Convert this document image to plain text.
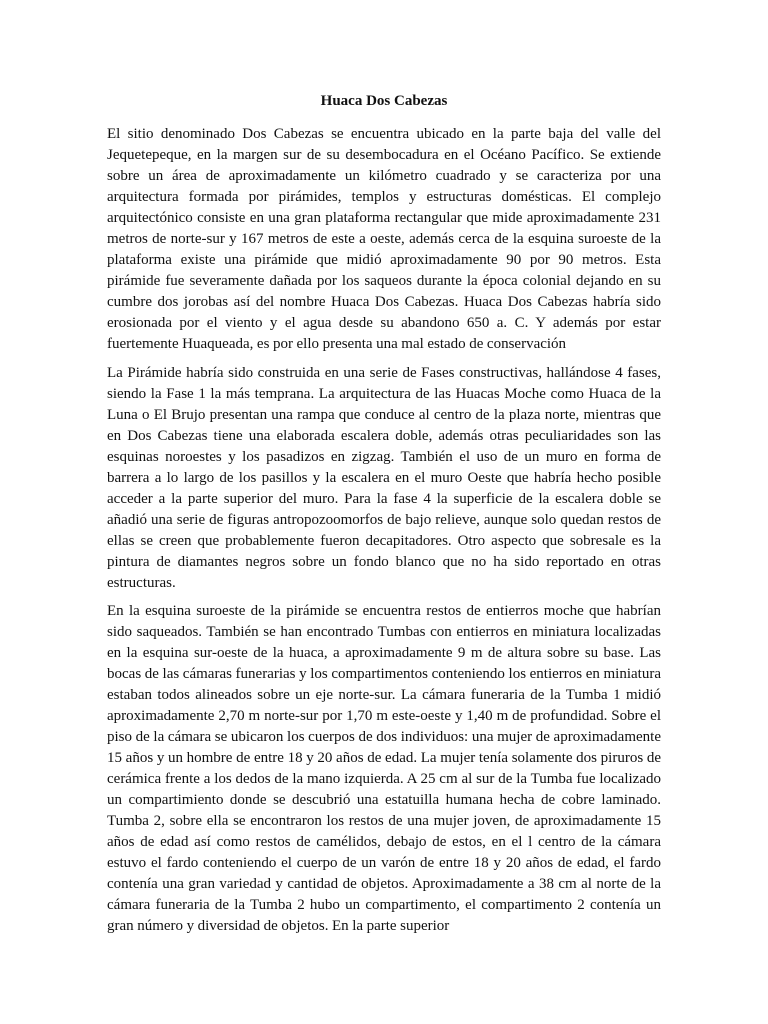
Huaca Dos Cabezas

El sitio denominado Dos Cabezas se encuentra ubicado en la parte baja del valle del Jequetepeque, en la margen sur de su desembocadura en el Océano Pacífico. Se extiende sobre un área de aproximadamente un kilómetro cuadrado y se caracteriza por una arquitectura formada por pirámides, templos y estructuras domésticas. El complejo arquitectónico consiste en una gran plataforma rectangular que mide aproximadamente 231 metros de norte-sur y 167 metros de este a oeste, además cerca de la esquina suroeste de la plataforma existe una pirámide que midió aproximadamente 90 por 90 metros. Esta pirámide fue severamente dañada por los saqueos durante la época colonial dejando en su cumbre dos jorobas así del nombre Huaca Dos Cabezas. Huaca Dos Cabezas habría sido erosionada por el viento y el agua desde su abandono 650 a. C. Y además por estar fuertemente Huaqueada, es por ello presenta una mal estado de conservación

La Pirámide habría sido construida en una serie de Fases constructivas, hallándose 4 fases, siendo la Fase 1 la más temprana. La arquitectura de las Huacas Moche como Huaca de la Luna o El Brujo presentan una rampa que conduce al centro de la plaza norte, mientras que en Dos Cabezas tiene una elaborada escalera doble, además otras peculiaridades son las esquinas noroestes y los pasadizos en zigzag. También el uso de un muro en forma de barrera a lo largo de los pasillos y la escalera en el muro Oeste que habría hecho posible acceder a la parte superior del muro. Para la fase 4 la superficie de la escalera doble se añadió una serie de figuras antropozoomorfos de bajo relieve, aunque solo quedan restos de ellas se creen que probablemente fueron decapitadores. Otro aspecto que sobresale es la pintura de diamantes negros sobre un fondo blanco que no ha sido reportado en otras estructuras.

En la esquina suroeste de la pirámide se encuentra restos de entierros moche que habrían sido saqueados. También se han encontrado Tumbas con entierros en miniatura localizadas en la esquina sur-oeste de la huaca, a aproximadamente 9 m de altura sobre su base. Las bocas de las cámaras funerarias y los compartimentos conteniendo los entierros en miniatura estaban todos alineados sobre un eje norte-sur. La cámara funeraria de la Tumba 1 midió aproximadamente 2,70 m norte-sur por 1,70 m este-oeste y 1,40 m de profundidad. Sobre el piso de la cámara se ubicaron los cuerpos de dos individuos: una mujer de aproximadamente 15 años y un hombre de entre 18 y 20 años de edad. La mujer tenía solamente dos piruros de cerámica frente a los dedos de la mano izquierda. A 25 cm al sur de la Tumba fue localizado un compartimiento donde se descubrió una estatuilla humana hecha de cobre laminado. Tumba 2, sobre ella se encontraron los restos de una mujer joven, de aproximadamente 15 años de edad así como restos de camélidos, debajo de estos, en el l centro de la cámara estuvo el fardo conteniendo el cuerpo de un varón de entre 18 y 20 años de edad, el fardo contenía una gran variedad y cantidad de objetos. Aproximadamente a 38 cm al norte de la cámara funeraria de la Tumba 2 hubo un compartimento, el compartimento 2 contenía un gran número y diversidad de objetos. En la parte superior
